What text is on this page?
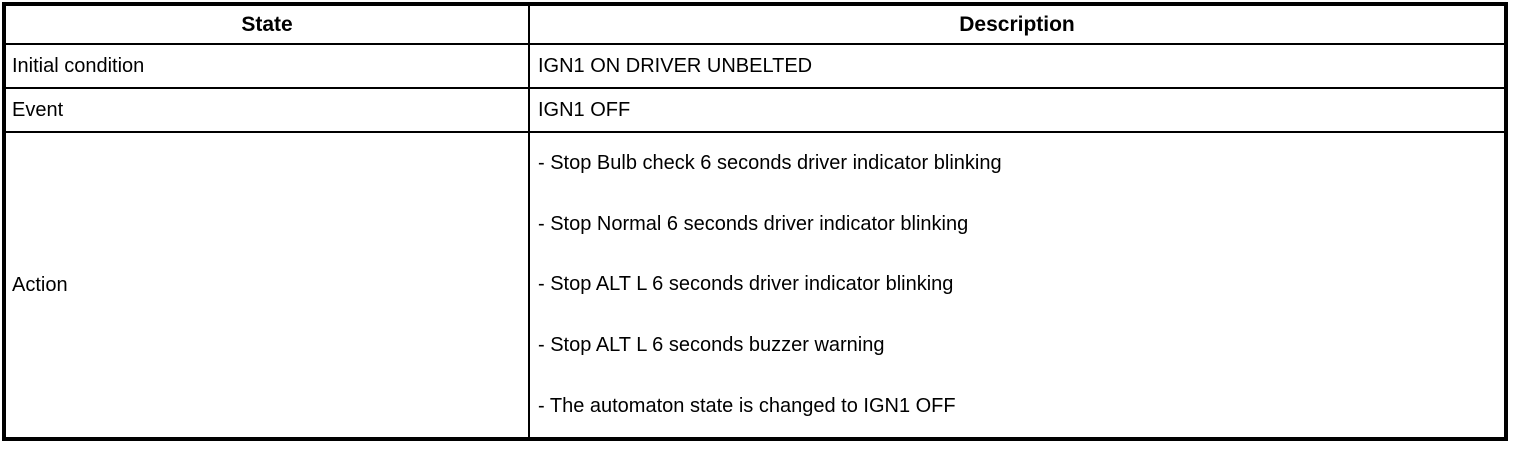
State	Description
Initial condition	IGN1 ON DRIVER UNBELTED
Event	IGN1 OFF
Action	- Stop Bulb check 6 seconds driver indicator blinking
- Stop Normal 6 seconds driver indicator blinking
- Stop ALT L 6 seconds driver indicator blinking
- Stop ALT L 6 seconds buzzer warning
- The automaton state is changed to IGN1 OFF
